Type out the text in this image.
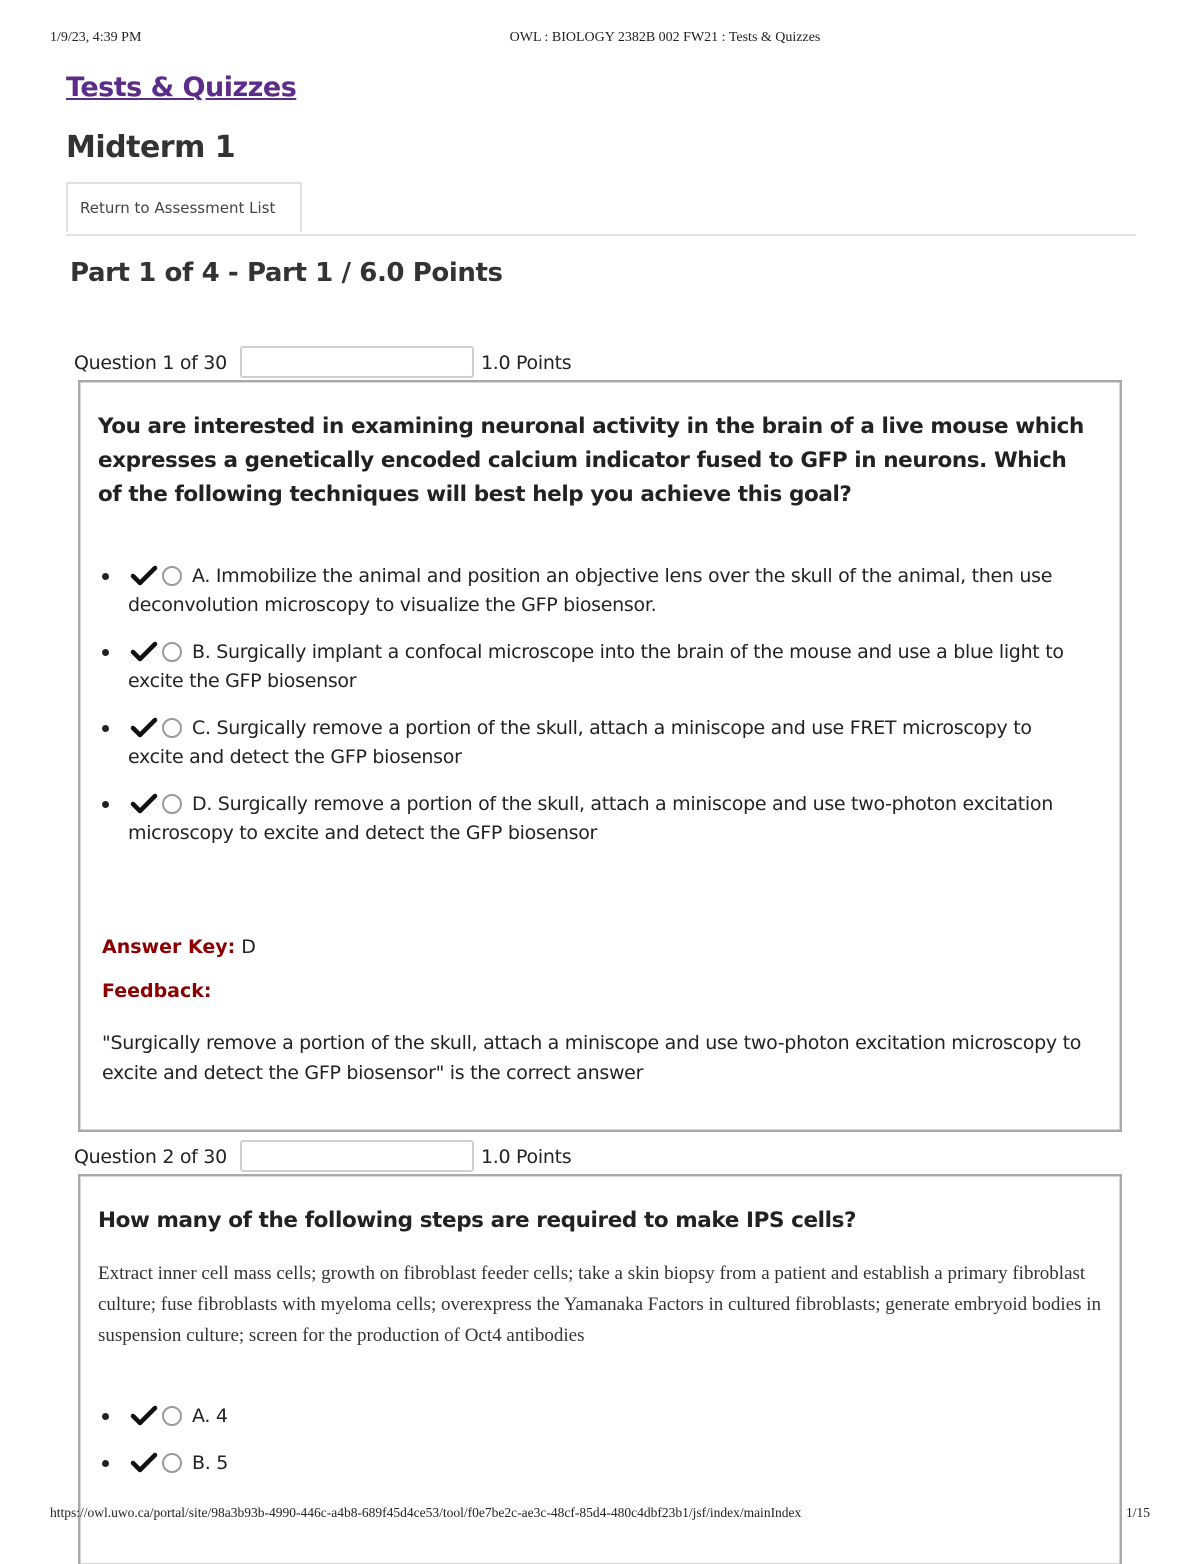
1/9/23, 4:39 PM	OWL : BIOLOGY 2382B 002 FW21 : Tests & Quizzes
Tests & Quizzes
Midterm 1
Return to Assessment List
Part 1 of 4 - Part 1 / 6.0 Points
Question 1 of 30	1.0 Points
You are interested in examining neuronal activity in the brain of a live mouse which expresses a genetically encoded calcium indicator fused to GFP in neurons. Which of the following techniques will best help you achieve this goal?
A. Immobilize the animal and position an objective lens over the skull of the animal, then use deconvolution microscopy to visualize the GFP biosensor.
B. Surgically implant a confocal microscope into the brain of the mouse and use a blue light to excite the GFP biosensor
C. Surgically remove a portion of the skull, attach a miniscope and use FRET microscopy to excite and detect the GFP biosensor
D. Surgically remove a portion of the skull, attach a miniscope and use two-photon excitation microscopy to excite and detect the GFP biosensor
Answer Key: D
Feedback:
"Surgically remove a portion of the skull, attach a miniscope and use two-photon excitation microscopy to excite and detect the GFP biosensor" is the correct answer
Question 2 of 30	1.0 Points
How many of the following steps are required to make IPS cells?
Extract inner cell mass cells; growth on fibroblast feeder cells; take a skin biopsy from a patient and establish a primary fibroblast culture; fuse fibroblasts with myeloma cells; overexpress the Yamanaka Factors in cultured fibroblasts; generate embryoid bodies in suspension culture; screen for the production of Oct4 antibodies
A. 4
B. 5
https://owl.uwo.ca/portal/site/98a3b93b-4990-446c-a4b8-689f45d4ce53/tool/f0e7be2c-ae3c-48cf-85d4-480c4dbf23b1/jsf/index/mainIndex	1/15
